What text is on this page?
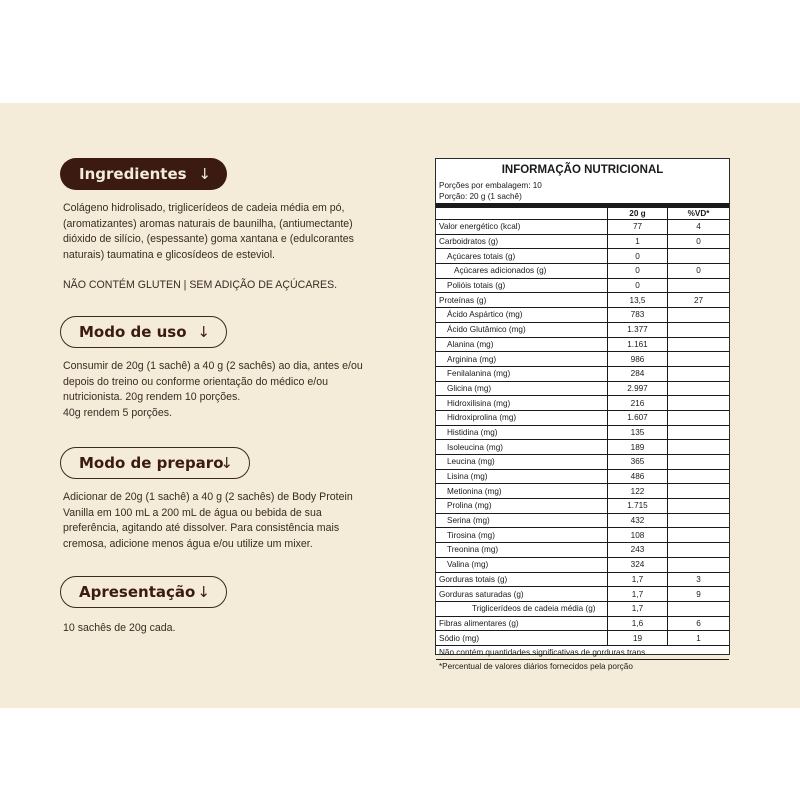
Ingredientes ↓
Colágeno hidrolisado, triglicerídeos de cadeia média em pó,
(aromatizantes) aromas naturais de baunilha, (antiumectante)
dióxido de silício, (espessante) goma xantana e (edulcorantes
naturais) taumatina e glicosídeos de esteviol.
NÃO CONTÉM GLUTEN | SEM ADIÇÃO DE AÇÚCARES.
Modo de uso ↓
Consumir de 20g (1 sachê) a 40 g (2 sachês) ao dia, antes e/ou
depois do treino ou conforme orientação do médico e/ou
nutricionista. 20g rendem 10 porções.
40g rendem 5 porções.
Modo de preparo
↓
Adicionar de 20g (1 sachê) a 40 g (2 sachês) de Body Protein
Vanilla em 100 mL a 200 mL de água ou bebida de sua
preferência, agitando até dissolver. Para consistência mais
cremosa, adicione menos água e/ou utilize um mixer.
Apresentação ↓
10 sachês de 20g cada.
INFORMAÇÃO NUTRICIONAL
Porções por embalagem: 10
Porção: 20 g (1 sachê)
	20 g	%VD*
Valor energético (kcal)	77	4
Carboidratos (g)	1	0
Açúcares totais (g)	0	
Açúcares adicionados (g)	0	0
Polióis totais (g)	0	
Proteínas (g)	13,5	27
Ácido Aspártico (mg)	783	
Ácido Glutâmico (mg)	1.377	
Alanina (mg)	1.161	
Arginina (mg)	986	
Fenilalanina (mg)	284	
Glicina (mg)	2.997	
Hidroxilisina (mg)	216	
Hidroxiprolina (mg)	1.607	
Histidina (mg)	135	
Isoleucina (mg)	189	
Leucina (mg)	365	
Lisina (mg)	486	
Metionina (mg)	122	
Prolina (mg)	1.715	
Serina (mg)	432	
Tirosina (mg)	108	
Treonina (mg)	243	
Valina (mg)	324	
Gorduras totais (g)	1,7	3
Gorduras saturadas (g)	1,7	9
Triglicerídeos de cadeia média (g)	1,7	
Fibras alimentares (g)	1,6	6
Sódio (mg)	19	1
Não contém quantidades significativas de gorduras trans
*Percentual de valores diários fornecidos pela porção
